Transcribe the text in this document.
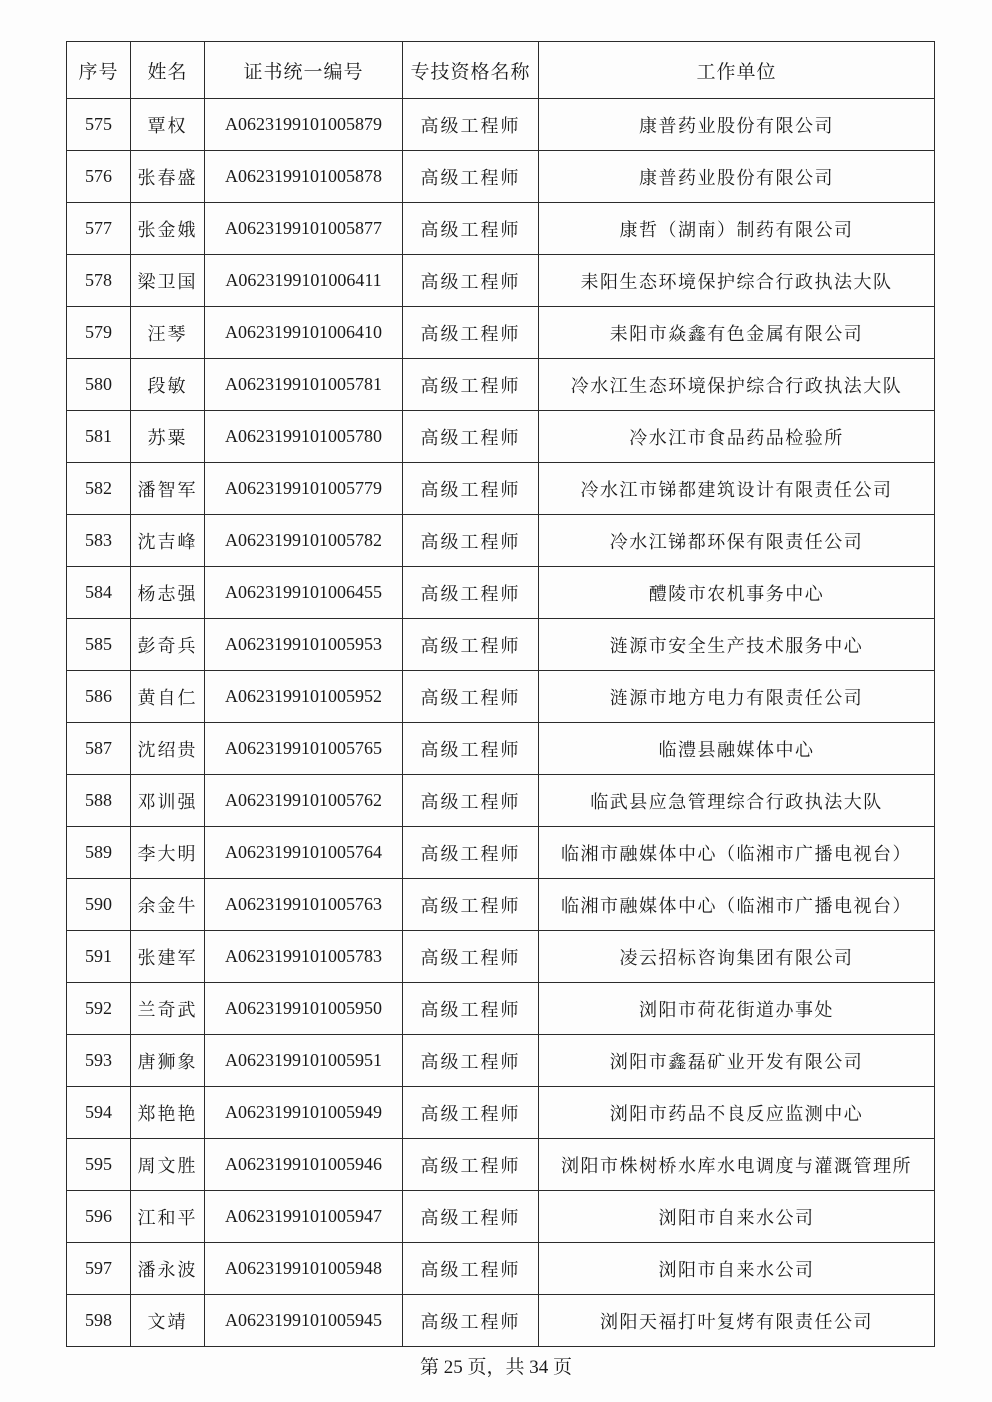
序号	姓名	证书统一编号	专技资格名称	工作单位
575	覃权	A0623199101005879	高级工程师	康普药业股份有限公司
576	张春盛	A0623199101005878	高级工程师	康普药业股份有限公司
577	张金娥	A0623199101005877	高级工程师	康哲（湖南）制药有限公司
578	梁卫国	A0623199101006411	高级工程师	耒阳生态环境保护综合行政执法大队
579	汪琴	A0623199101006410	高级工程师	耒阳市焱鑫有色金属有限公司
580	段敏	A0623199101005781	高级工程师	冷水江生态环境保护综合行政执法大队
581	苏粟	A0623199101005780	高级工程师	冷水江市食品药品检验所
582	潘智军	A0623199101005779	高级工程师	冷水江市锑都建筑设计有限责任公司
583	沈吉峰	A0623199101005782	高级工程师	冷水江锑都环保有限责任公司
584	杨志强	A0623199101006455	高级工程师	醴陵市农机事务中心
585	彭奇兵	A0623199101005953	高级工程师	涟源市安全生产技术服务中心
586	黄自仁	A0623199101005952	高级工程师	涟源市地方电力有限责任公司
587	沈绍贵	A0623199101005765	高级工程师	临澧县融媒体中心
588	邓训强	A0623199101005762	高级工程师	临武县应急管理综合行政执法大队
589	李大明	A0623199101005764	高级工程师	临湘市融媒体中心（临湘市广播电视台）
590	余金牛	A0623199101005763	高级工程师	临湘市融媒体中心（临湘市广播电视台）
591	张建军	A0623199101005783	高级工程师	凌云招标咨询集团有限公司
592	兰奇武	A0623199101005950	高级工程师	浏阳市荷花街道办事处
593	唐狮象	A0623199101005951	高级工程师	浏阳市鑫磊矿业开发有限公司
594	郑艳艳	A0623199101005949	高级工程师	浏阳市药品不良反应监测中心
595	周文胜	A0623199101005946	高级工程师	浏阳市株树桥水库水电调度与灌溉管理所
596	江和平	A0623199101005947	高级工程师	浏阳市自来水公司
597	潘永波	A0623199101005948	高级工程师	浏阳市自来水公司
598	文靖	A0623199101005945	高级工程师	浏阳天福打叶复烤有限责任公司
第 25 页，共 34 页
